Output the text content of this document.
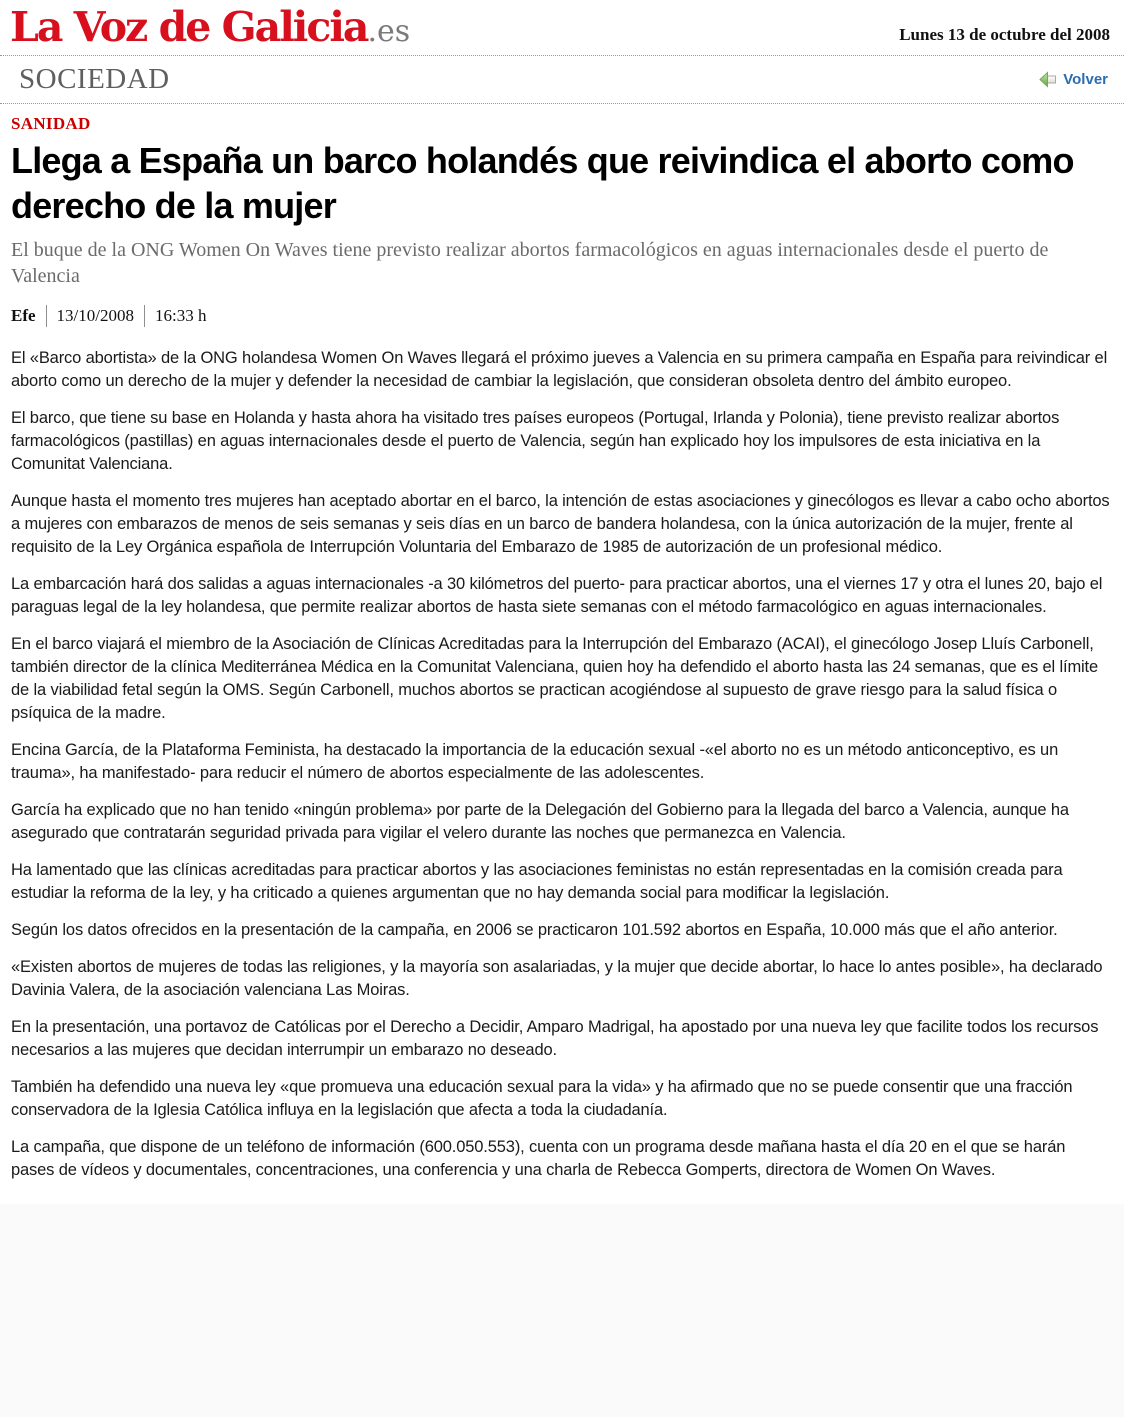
La Voz de Galicia.es	Lunes 13 de octubre del 2008
SOCIEDAD	Volver
SANIDAD
Llega a España un barco holandés que reivindica el aborto como derecho de la mujer

El buque de la ONG Women On Waves tiene previsto realizar abortos farmacológicos en aguas internacionales desde el puerto de Valencia

Efe 13/10/2008 16:33 h

El «Barco abortista» de la ONG holandesa Women On Waves llegará el próximo jueves a Valencia en su primera campaña en España para reivindicar el aborto como un derecho de la mujer y defender la necesidad de cambiar la legislación, que consideran obsoleta dentro del ámbito europeo.

El barco, que tiene su base en Holanda y hasta ahora ha visitado tres países europeos (Portugal, Irlanda y Polonia), tiene previsto realizar abortos farmacológicos (pastillas) en aguas internacionales desde el puerto de Valencia, según han explicado hoy los impulsores de esta iniciativa en la Comunitat Valenciana.

Aunque hasta el momento tres mujeres han aceptado abortar en el barco, la intención de estas asociaciones y ginecólogos es llevar a cabo ocho abortos a mujeres con embarazos de menos de seis semanas y seis días en un barco de bandera holandesa, con la única autorización de la mujer, frente al requisito de la Ley Orgánica española de Interrupción Voluntaria del Embarazo de 1985 de autorización de un profesional médico.

La embarcación hará dos salidas a aguas internacionales -a 30 kilómetros del puerto- para practicar abortos, una el viernes 17 y otra el lunes 20, bajo el paraguas legal de la ley holandesa, que permite realizar abortos de hasta siete semanas con el método farmacológico en aguas internacionales.

En el barco viajará el miembro de la Asociación de Clínicas Acreditadas para la Interrupción del Embarazo (ACAI), el ginecólogo Josep Lluís Carbonell, también director de la clínica Mediterránea Médica en la Comunitat Valenciana, quien hoy ha defendido el aborto hasta las 24 semanas, que es el límite de la viabilidad fetal según la OMS. Según Carbonell, muchos abortos se practican acogiéndose al supuesto de grave riesgo para la salud física o psíquica de la madre.

Encina García, de la Plataforma Feminista, ha destacado la importancia de la educación sexual -«el aborto no es un método anticonceptivo, es un trauma», ha manifestado- para reducir el número de abortos especialmente de las adolescentes.

García ha explicado que no han tenido «ningún problema» por parte de la Delegación del Gobierno para la llegada del barco a Valencia, aunque ha asegurado que contratarán seguridad privada para vigilar el velero durante las noches que permanezca en Valencia.

Ha lamentado que las clínicas acreditadas para practicar abortos y las asociaciones feministas no están representadas en la comisión creada para estudiar la reforma de la ley, y ha criticado a quienes argumentan que no hay demanda social para modificar la legislación.

Según los datos ofrecidos en la presentación de la campaña, en 2006 se practicaron 101.592 abortos en España, 10.000 más que el año anterior.

«Existen abortos de mujeres de todas las religiones, y la mayoría son asalariadas, y la mujer que decide abortar, lo hace lo antes posible», ha declarado Davinia Valera, de la asociación valenciana Las Moiras.

En la presentación, una portavoz de Católicas por el Derecho a Decidir, Amparo Madrigal, ha apostado por una nueva ley que facilite todos los recursos necesarios a las mujeres que decidan interrumpir un embarazo no deseado.

También ha defendido una nueva ley «que promueva una educación sexual para la vida» y ha afirmado que no se puede consentir que una fracción conservadora de la Iglesia Católica influya en la legislación que afecta a toda la ciudadanía.

La campaña, que dispone de un teléfono de información (600.050.553), cuenta con un programa desde mañana hasta el día 20 en el que se harán pases de vídeos y documentales, concentraciones, una conferencia y una charla de Rebecca Gomperts, directora de Women On Waves.
